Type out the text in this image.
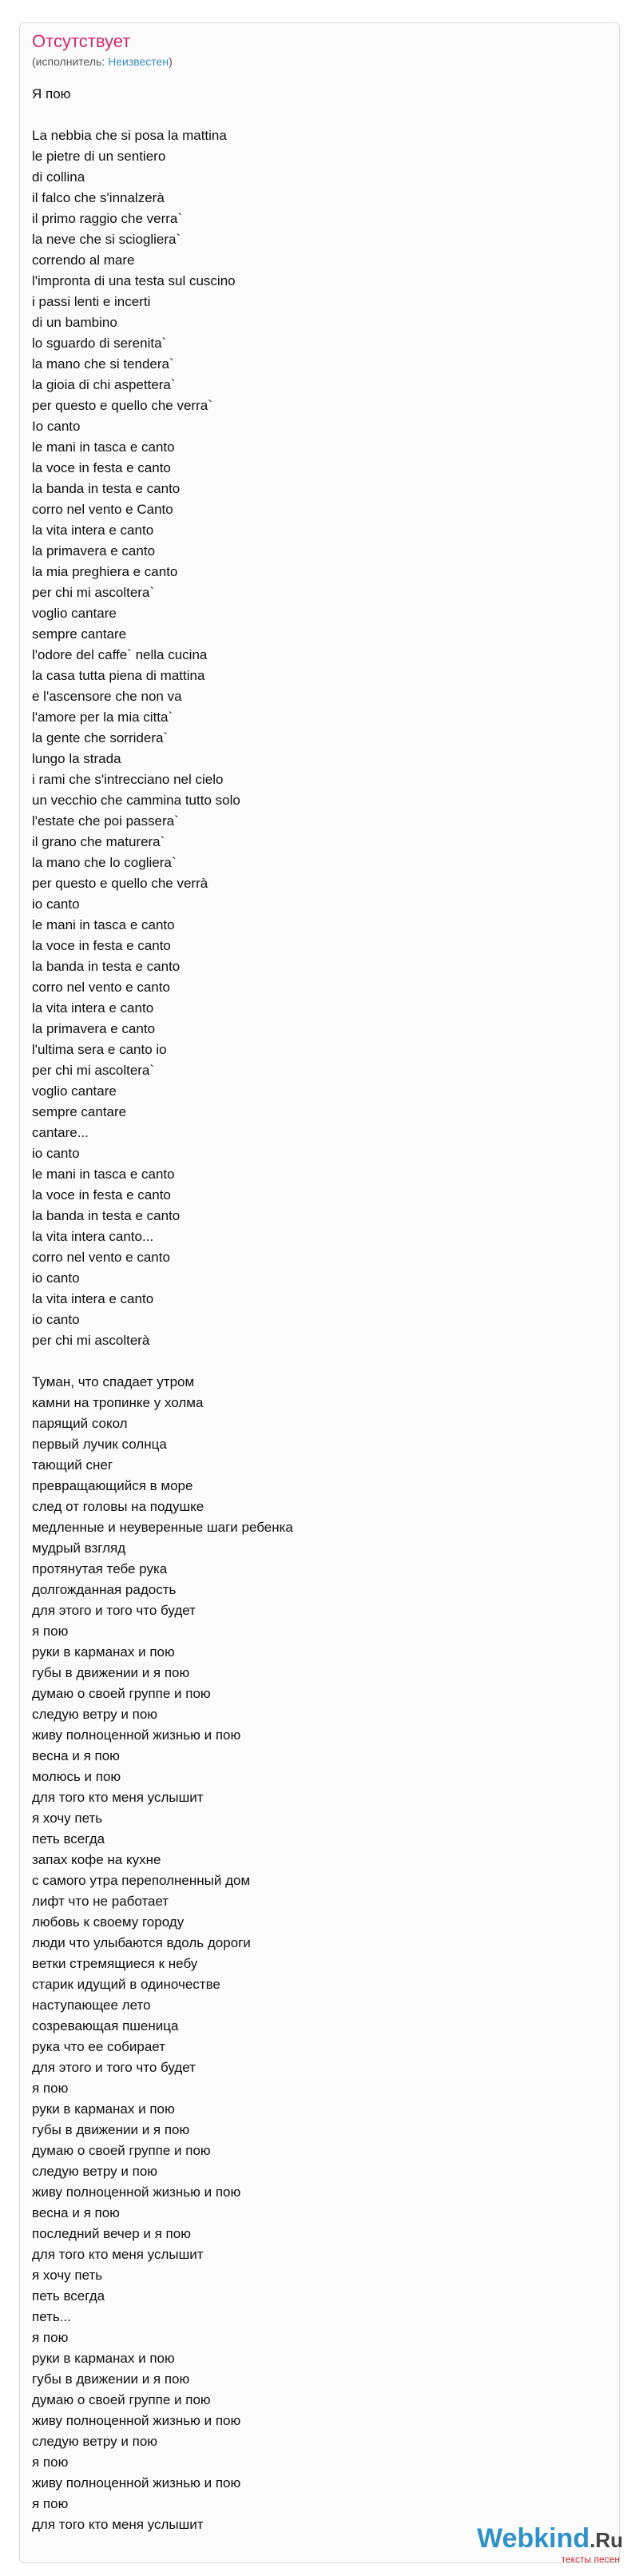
Отсутствует
(исполнитель: Неизвестен)
Я пою
La nebbia che si posa la mattina
le pietre di un sentiero
di collina
il falco che s'innalzerà
il primo raggio che verra`
la neve che si sciogliera`
correndo al mare
l'impronta di una testa sul cuscino
i passi lenti e incerti
di un bambino
lo sguardo di serenita`
la mano che si tendera`
la gioia di chi aspettera`
per questo e quello che verra`
Io canto
le mani in tasca e canto
la voce in festa e canto
la banda in testa e canto
corro nel vento e Canto
la vita intera e canto
la primavera e canto
la mia preghiera e canto
per chi mi ascoltera`
voglio cantare
sempre cantare
l'odore del caffe` nella cucina
la casa tutta piena di mattina
e l'ascensore che non va
l'amore per la mia citta`
la gente che sorridera`
lungo la strada
i rami che s'intrecciano nel cielo
un vecchio che cammina tutto solo
l'estate che poi passera`
il grano che maturera`
la mano che lo cogliera`
per questo e quello che verrà
io canto
le mani in tasca e canto
la voce in festa e canto
la banda in testa e canto
corro nel vento e canto
la vita intera e canto
la primavera e canto
l'ultima sera e canto io
per chi mi ascoltera`
voglio cantare
sempre cantare
cantare...
io canto
le mani in tasca e canto
la voce in festa e canto
la banda in testa e canto
la vita intera canto...
corro nel vento e canto
io canto
la vita intera e canto
io canto
per chi mi ascolterà
Туман, что спадает утром
камни на тропинке у холма
парящий сокол
первый лучик солнца
тающий снег
превращающийся в море
след от головы на подушке
медленные и неуверенные шаги ребенка
мудрый взгляд
протянутая тебе рука
долгожданная радость
для этого и того что будет
я пою
руки в карманах и пою
губы в движении и я пою
думаю о своей группе и пою
следую ветру и пою
живу полноценной жизнью и пою
весна и я пою
молюсь и пою
для того кто меня услышит
я хочу петь
петь всегда
запах кофе на кухне
с самого утра переполненный дом
лифт что не работает
любовь к своему городу
люди что улыбаются вдоль дороги
ветки стремящиеся к небу
старик идущий в одиночестве
наступающее лето
созревающая пшеница
рука что ее собирает
для этого и того что будет
я пою
руки в карманах и пою
губы в движении и я пою
думаю о своей группе и пою
следую ветру и пою
живу полноценной жизнью и пою
весна и я пою
последний вечер и я пою
для того кто меня услышит
я хочу петь
петь всегда
петь...
я пою
руки в карманах и пою
губы в движении и я пою
думаю о своей группе и пою
живу полноценной жизнью и пою
следую ветру и пою
я пою
живу полноценной жизнью и пою
я пою
для того кто меня услышит	Webkind.Ru
тексты песен
